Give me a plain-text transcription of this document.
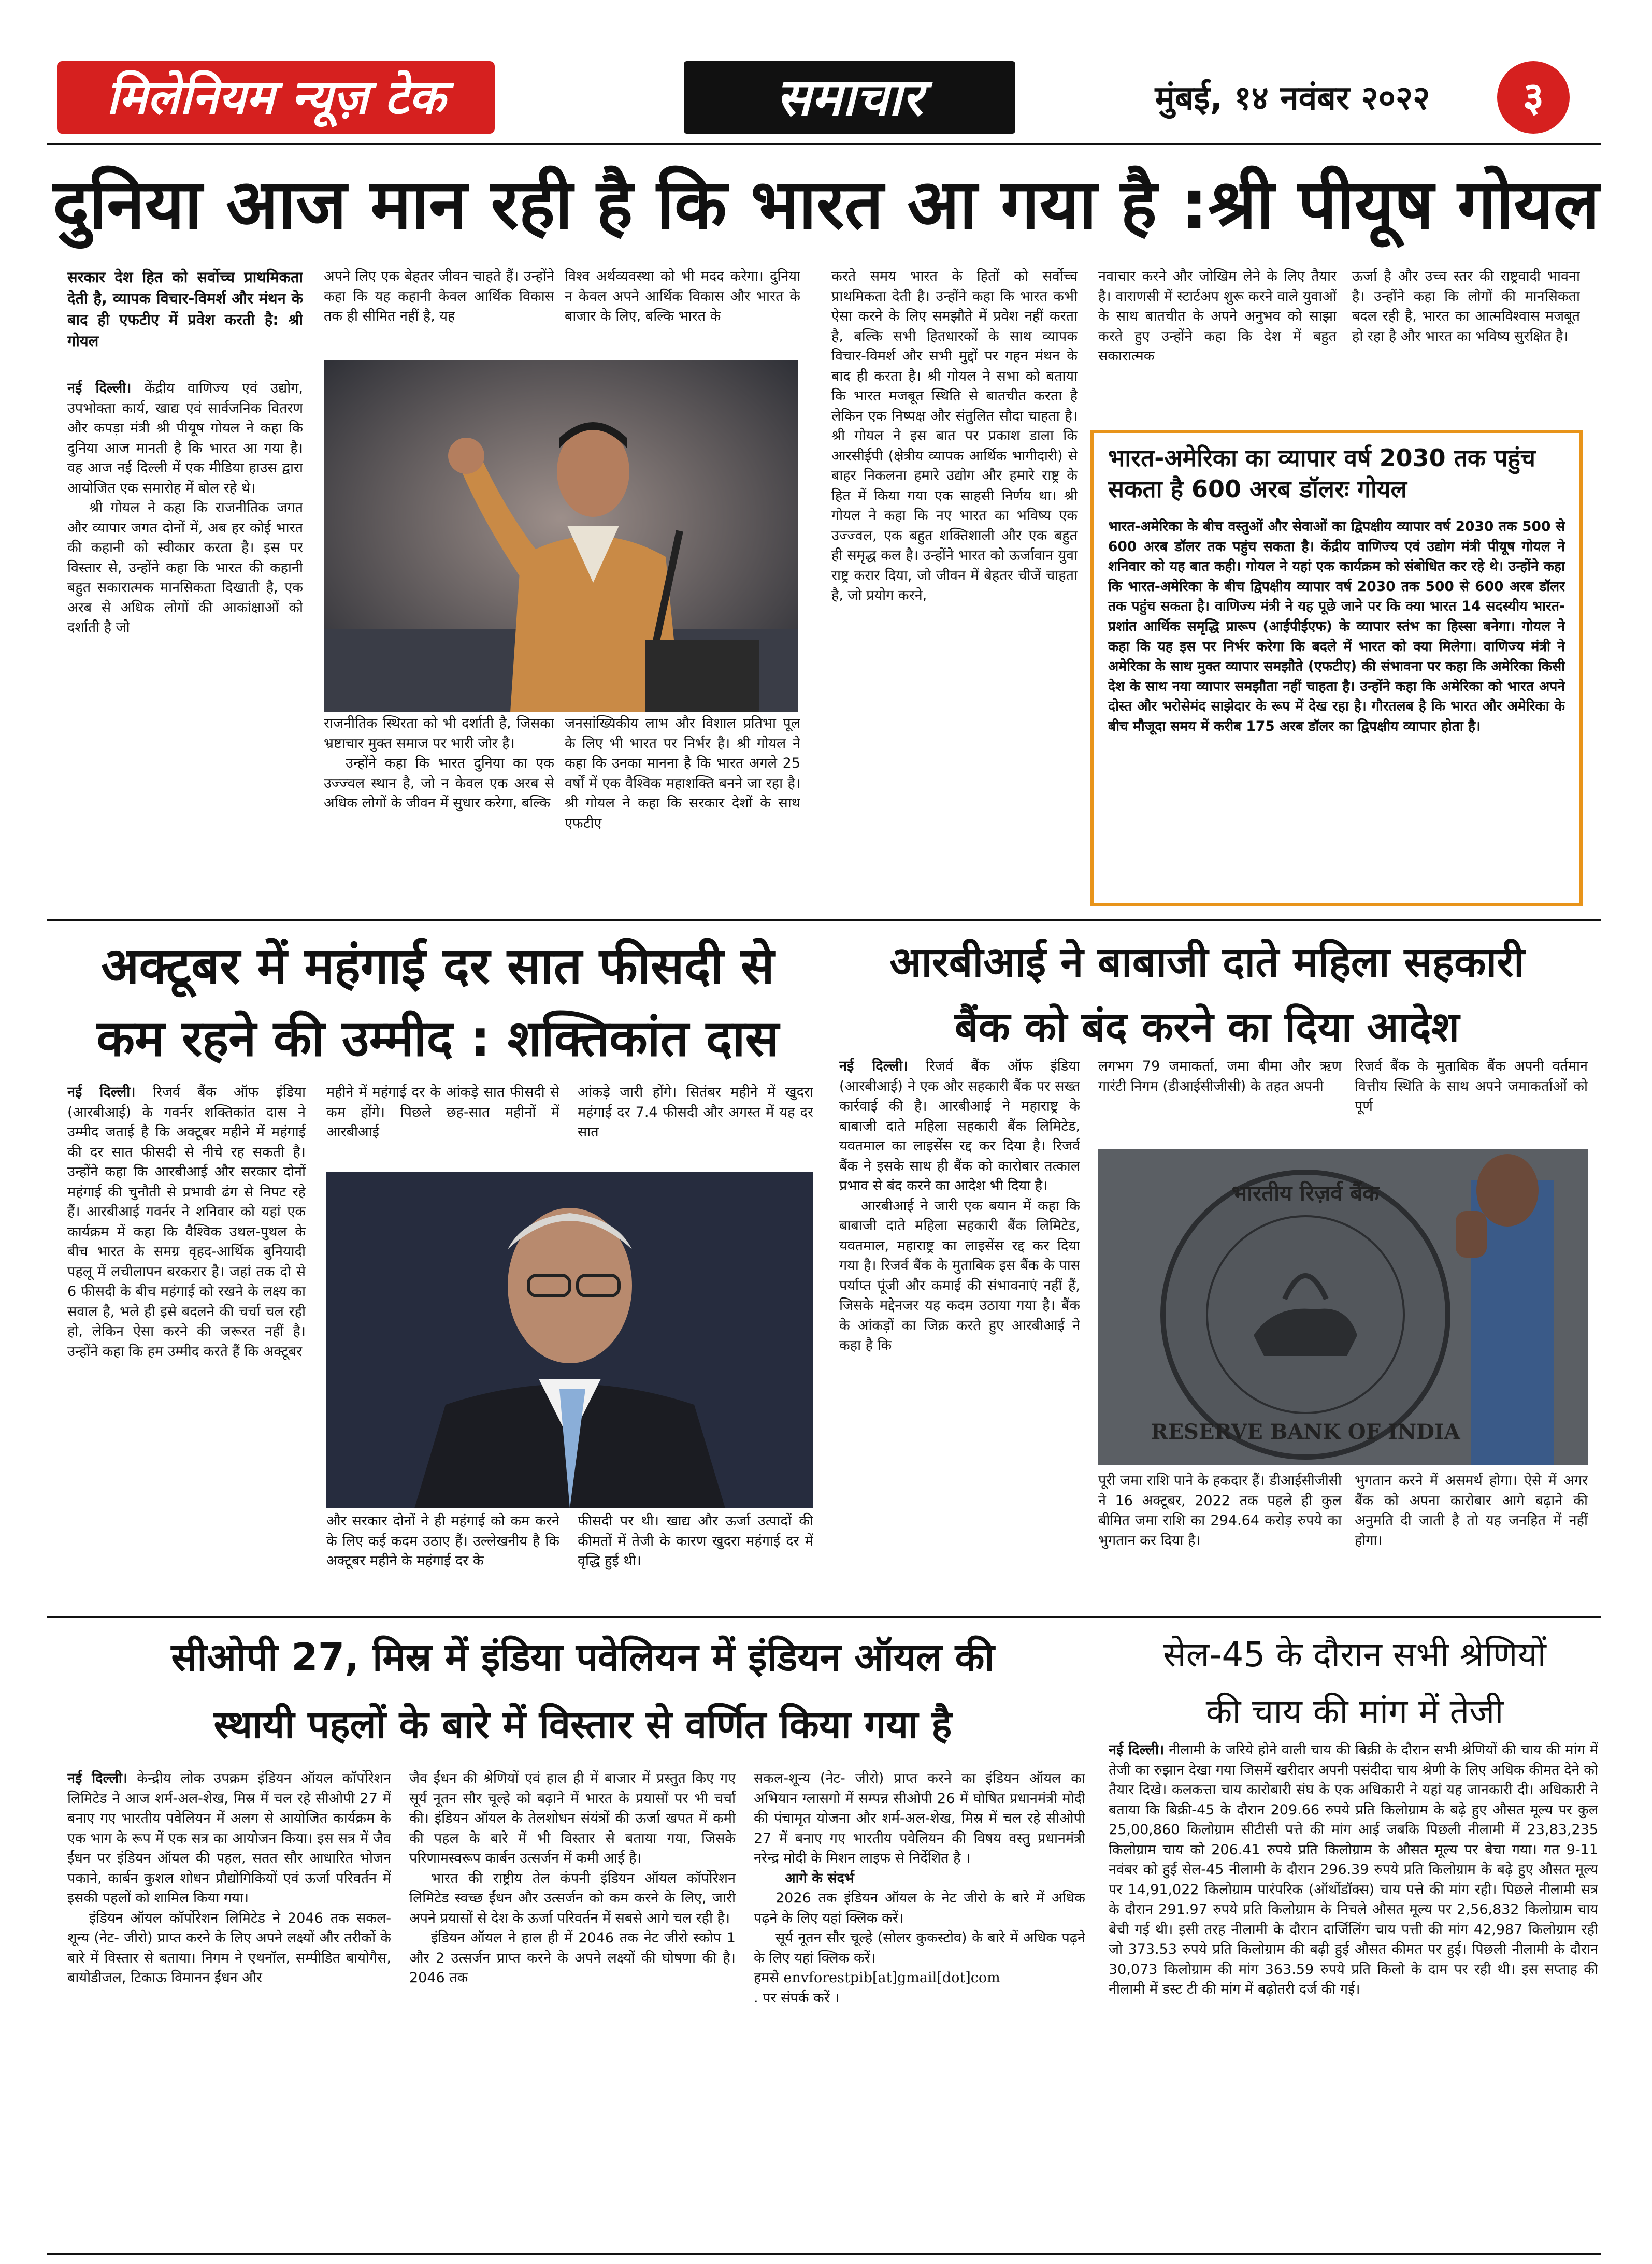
मिलेनियम न्यूज़ टेक	समाचार	मुंबई, १४ नवंबर २०२२	३
दुनिया आज मान रही है कि भारत आ गया है :श्री पीयूष गोयल

सरकार देश हित को सर्वोच्च प्राथमिकता देती है, व्यापक विचार-विमर्श और मंथन के बाद ही एफटीए में प्रवेश करती है: श्री गोयल

नई दिल्ली। केंद्रीय वाणिज्य एवं उद्योग, उपभोक्ता कार्य, खाद्य एवं सार्वजनिक वितरण और कपड़ा मंत्री श्री पीयूष गोयल ने कहा कि दुनिया आज मानती है कि भारत आ गया है। वह आज नई दिल्ली में एक मीडिया हाउस द्वारा आयोजित एक समारोह में बोल रहे थे।

श्री गोयल ने कहा कि राजनीतिक जगत और व्यापार जगत दोनों में, अब हर कोई भारत की कहानी को स्वीकार करता है। इस पर विस्तार से, उन्होंने कहा कि भारत की कहानी बहुत सकारात्मक मानसिकता दिखाती है, एक अरब से अधिक लोगों की आकांक्षाओं को दर्शाती है जो

अपने लिए एक बेहतर जीवन चाहते हैं। उन्होंने कहा कि यह कहानी केवल आर्थिक विकास तक ही सीमित नहीं है, यह
विश्व अर्थव्यवस्था को भी मदद करेगा। दुनिया न केवल अपने आर्थिक विकास और भारत के बाजार के लिए, बल्कि भारत के

राजनीतिक स्थिरता को भी दर्शाती है, जिसका भ्रष्टाचार मुक्त समाज पर भारी जोर है।

उन्होंने कहा कि भारत दुनिया का एक उज्ज्वल स्थान है, जो न केवल एक अरब से अधिक लोगों के जीवन में सुधार करेगा, बल्कि

जनसांख्यिकीय लाभ और विशाल प्रतिभा पूल के लिए भी भारत पर निर्भर है। श्री गोयल ने कहा कि उनका मानना है कि भारत अगले 25 वर्षों में एक वैश्विक महाशक्ति बनने जा रहा है। श्री गोयल ने कहा कि सरकार देशों के साथ एफटीए
करते समय भारत के हितों को सर्वोच्च प्राथमिकता देती है। उन्होंने कहा कि भारत कभी ऐसा करने के लिए समझौते में प्रवेश नहीं करता है, बल्कि सभी हितधारकों के साथ व्यापक विचार-विमर्श और सभी मुद्दों पर गहन मंथन के बाद ही करता है। श्री गोयल ने सभा को बताया कि भारत मजबूत स्थिति से बातचीत करता है लेकिन एक निष्पक्ष और संतुलित सौदा चाहता है। श्री गोयल ने इस बात पर प्रकाश डाला कि आरसीईपी (क्षेत्रीय व्यापक आर्थिक भागीदारी) से बाहर निकलना हमारे उद्योग और हमारे राष्ट्र के हित में किया गया एक साहसी निर्णय था। श्री गोयल ने कहा कि नए भारत का भविष्य एक उज्ज्वल, एक बहुत शक्तिशाली और एक बहुत ही समृद्ध कल है। उन्होंने भारत को ऊर्जावान युवा राष्ट्र करार दिया, जो जीवन में बेहतर चीजें चाहता है, जो प्रयोग करने,
नवाचार करने और जोखिम लेने के लिए तैयार है। वाराणसी में स्टार्टअप शुरू करने वाले युवाओं के साथ बातचीत के अपने अनुभव को साझा करते हुए उन्होंने कहा कि देश में बहुत सकारात्मक
ऊर्जा है और उच्च स्तर की राष्ट्रवादी भावना है। उन्होंने कहा कि लोगों की मानसिकता बदल रही है, भारत का आत्मविश्वास मजबूत हो रहा है और भारत का भविष्य सुरक्षित है।
भारत-अमेरिका का व्यापार वर्ष 2030 तक पहुंच सकता है 600 अरब डॉलरः गोयल
भारत-अमेरिका के बीच वस्तुओं और सेवाओं का द्विपक्षीय व्यापार वर्ष 2030 तक 500 से 600 अरब डॉलर तक पहुंच सकता है। केंद्रीय वाणिज्य एवं उद्योग मंत्री पीयूष गोयल ने शनिवार को यह बात कही। गोयल ने यहां एक कार्यक्रम को संबोधित कर रहे थे। उन्होंने कहा कि भारत-अमेरिका के बीच द्विपक्षीय व्यापार वर्ष 2030 तक 500 से 600 अरब डॉलर तक पहुंच सकता है। वाणिज्य मंत्री ने यह पूछे जाने पर कि क्या भारत 14 सदस्यीय भारत-प्रशांत आर्थिक समृद्धि प्रारूप (आईपीईएफ) के व्यापार स्तंभ का हिस्सा बनेगा। गोयल ने कहा कि यह इस पर निर्भर करेगा कि बदले में भारत को क्या मिलेगा। वाणिज्य मंत्री ने अमेरिका के साथ मुक्त व्यापार समझौते (एफटीए) की संभावना पर कहा कि अमेरिका किसी देश के साथ नया व्यापार समझौता नहीं चाहता है। उन्होंने कहा कि अमेरिका को भारत अपने दोस्त और भरोसेमंद साझेदार के रूप में देख रहा है। गौरतलब है कि भारत और अमेरिका के बीच मौजूदा समय में करीब 175 अरब डॉलर का द्विपक्षीय व्यापार होता है।
अक्टूबर में महंगाई दर सात फीसदी से
कम रहने की उम्मीद : शक्तिकांत दास

नई दिल्ली। रिजर्व बैंक ऑफ इंडिया (आरबीआई) के गवर्नर शक्तिकांत दास ने उम्मीद जताई है कि अक्टूबर महीने में महंगाई की दर सात फीसदी से नीचे रह सकती है। उन्होंने कहा कि आरबीआई और सरकार दोनों महंगाई की चुनौती से प्रभावी ढंग से निपट रहे हैं। आरबीआई गवर्नर ने शनिवार को यहां एक कार्यक्रम में कहा कि वैश्विक उथल-पुथल के बीच भारत के समग्र वृहद-आर्थिक बुनियादी पहलू में लचीलापन बरकरार है। जहां तक दो से 6 फीसदी के बीच महंगाई को रखने के लक्ष्य का सवाल है, भले ही इसे बदलने की चर्चा चल रही हो, लेकिन ऐसा करने की जरूरत नहीं है। उन्होंने कहा कि हम उम्मीद करते हैं कि अक्टूबर

महीने में महंगाई दर के आंकड़े सात फीसदी से कम होंगे। पिछले छह-सात महीनों में आरबीआई
आंकड़े जारी होंगे। सितंबर महीने में खुदरा महंगाई दर 7.4 फीसदी और अगस्त में यह दर सात
और सरकार दोनों ने ही महंगाई को कम करने के लिए कई कदम उठाए हैं। उल्लेखनीय है कि अक्टूबर महीने के महंगाई दर के
फीसदी पर थी। खाद्य और ऊर्जा उत्पादों की कीमतों में तेजी के कारण खुदरा महंगाई दर में वृद्धि हुई थी।
आरबीआई ने बाबाजी दाते महिला सहकारी
बैंक को बंद करने का दिया आदेश

नई दिल्ली। रिजर्व बैंक ऑफ इंडिया (आरबीआई) ने एक और सहकारी बैंक पर सख्त कार्रवाई की है। आरबीआई ने महाराष्ट्र के बाबाजी दाते महिला सहकारी बैंक लिमिटेड, यवतमाल का लाइसेंस रद्द कर दिया है। रिजर्व बैंक ने इसके साथ ही बैंक को कारोबार तत्काल प्रभाव से बंद करने का आदेश भी दिया है।

आरबीआई ने जारी एक बयान में कहा कि बाबाजी दाते महिला सहकारी बैंक लिमिटेड, यवतमाल, महाराष्ट्र का लाइसेंस रद्द कर दिया गया है। रिजर्व बैंक के मुताबिक इस बैंक के पास पर्याप्त पूंजी और कमाई की संभावनाएं नहीं हैं, जिसके मद्देनजर यह कदम उठाया गया है। बैंक के आंकड़ों का जिक्र करते हुए आरबीआई ने कहा है कि

लगभग 79 जमाकर्ता, जमा बीमा और ऋण गारंटी निगम (डीआईसीजीसी) के तहत अपनी
रिजर्व बैंक के मुताबिक बैंक अपनी वर्तमान वित्तीय स्थिति के साथ अपने जमाकर्ताओं को पूर्ण
RESERVE BANK OF INDIA
भारतीय रिज़र्व बैंक
पूरी जमा राशि पाने के हकदार हैं। डीआईसीजीसी ने 16 अक्टूबर, 2022 तक पहले ही कुल बीमित जमा राशि का 294.64 करोड़ रुपये का भुगतान कर दिया है।
भुगतान करने में असमर्थ होगा। ऐसे में अगर बैंक को अपना कारोबार आगे बढ़ाने की अनुमति दी जाती है तो यह जनहित में नहीं होगा।
सीओपी 27, मिस्र में इंडिया पवेलियन में इंडियन ऑयल की
स्थायी पहलों के बारे में विस्तार से वर्णित किया गया है

नई दिल्ली। केन्द्रीय लोक उपक्रम इंडियन ऑयल कॉर्पोरेशन लिमिटेड ने आज शर्म-अल-शेख, मिस्र में चल रहे सीओपी 27 में बनाए गए भारतीय पवेलियन में अलग से आयोजित कार्यक्रम के एक भाग के रूप में एक सत्र का आयोजन किया। इस सत्र में जैव ईंधन पर इंडियन ऑयल की पहल, सतत सौर आधारित भोजन पकाने, कार्बन कुशल शोधन प्रौद्योगिकियों एवं ऊर्जा परिवर्तन में इसकी पहलों को शामिल किया गया।

इंडियन ऑयल कॉर्पोरेशन लिमिटेड ने 2046 तक सकल-शून्य (नेट- जीरो) प्राप्त करने के लिए अपने लक्ष्यों और तरीकों के बारे में विस्तार से बताया। निगम ने एथनॉल, सम्पीडित बायोगैस, बायोडीजल, टिकाऊ विमानन ईंधन और

जैव ईंधन की श्रेणियों एवं हाल ही में बाजार में प्रस्तुत किए गए सूर्य नूतन सौर चूल्हे को बढ़ाने में भारत के प्रयासों पर भी चर्चा की। इंडियन ऑयल के तेलशोधन संयंत्रों की ऊर्जा खपत में कमी की पहल के बारे में भी विस्तार से बताया गया, जिसके परिणामस्वरूप कार्बन उत्सर्जन में कमी आई है।

भारत की राष्ट्रीय तेल कंपनी इंडियन ऑयल कॉर्पोरेशन लिमिटेड स्वच्छ ईंधन और उत्सर्जन को कम करने के लिए, जारी अपने प्रयासों से देश के ऊर्जा परिवर्तन में सबसे आगे चल रही है।

इंडियन ऑयल ने हाल ही में 2046 तक नेट जीरो स्कोप 1 और 2 उत्सर्जन प्राप्त करने के अपने लक्ष्यों की घोषणा की है। 2046 तक

सकल-शून्य (नेट- जीरो) प्राप्त करने का इंडियन ऑयल का अभियान ग्लासगो में सम्पन्न सीओपी 26 में घोषित प्रधानमंत्री मोदी की पंचामृत योजना और शर्म-अल-शेख, मिस्र में चल रहे सीओपी 27 में बनाए गए भारतीय पवेलियन की विषय वस्तु प्रधानमंत्री नरेन्द्र मोदी के मिशन लाइफ से निर्देशित है ।

आगे के संदर्भ

2026 तक इंडियन ऑयल के नेट जीरो के बारे में अधिक पढ़ने के लिए यहां क्लिक करें।

सूर्य नूतन सौर चूल्हे (सोलर कुकस्टोव) के बारे में अधिक पढ़ने के लिए यहां क्लिक करें।

हमसे envforestpib[at]gmail[dot]com
. पर संपर्क करें ।

सेल-45 के दौरान सभी श्रेणियों
की चाय की मांग में तेजी

नई दिल्ली। नीलामी के जरिये होने वाली चाय की बिक्री के दौरान सभी श्रेणियों की चाय की मांग में तेजी का रुझान देखा गया जिसमें खरीदार अपनी पसंदीदा चाय श्रेणी के लिए अधिक कीमत देने को तैयार दिखे। कलकत्ता चाय कारोबारी संघ के एक अधिकारी ने यहां यह जानकारी दी। अधिकारी ने बताया कि बिक्री-45 के दौरान 209.66 रुपये प्रति किलोग्राम के बढ़े हुए औसत मूल्य पर कुल 25,00,860 किलोग्राम सीटीसी पत्ते की मांग आई जबकि पिछली नीलामी में 23,83,235 किलोग्राम चाय को 206.41 रुपये प्रति किलोग्राम के औसत मूल्य पर बेचा गया। गत 9-11 नवंबर को हुई सेल-45 नीलामी के दौरान 296.39 रुपये प्रति किलोग्राम के बढ़े हुए औसत मूल्य पर 14,91,022 किलोग्राम पारंपरिक (ऑर्थोडॉक्स) चाय पत्ते की मांग रही। पिछले नीलामी सत्र के दौरान 291.97 रुपये प्रति किलोग्राम के निचले औसत मूल्य पर 2,56,832 किलोग्राम चाय बेची गई थी। इसी तरह नीलामी के दौरान दार्जिलिंग चाय पत्ती की मांग 42,987 किलोग्राम रही जो 373.53 रुपये प्रति किलोग्राम की बढ़ी हुई औसत कीमत पर हुई। पिछली नीलामी के दौरान 30,073 किलोग्राम की मांग 363.59 रुपये प्रति किलो के दाम पर रही थी। इस सप्ताह की नीलामी में डस्ट टी की मांग में बढ़ोतरी दर्ज की गई।
